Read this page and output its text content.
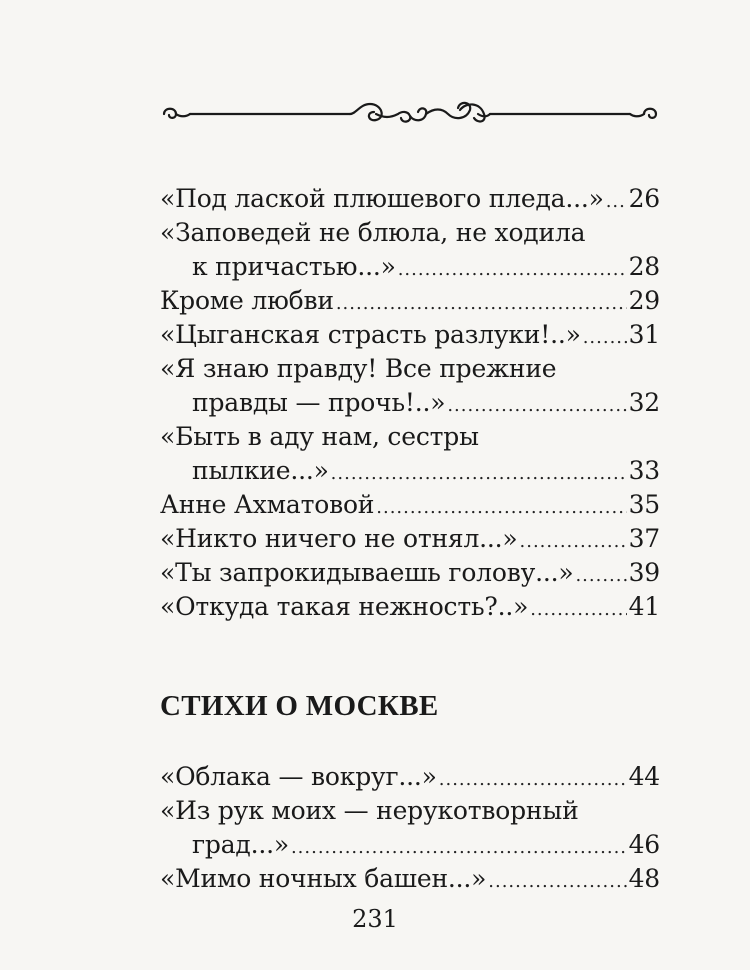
«Под лаской плюшевого пледа...» ..... 26
«Заповедей не блюла, не ходила
к причастью...» .....	28
Кроме любви .....	29
«Цыганская страсть разлуки!..» ..... 31
«Я знаю правду! Все прежние
правды — прочь!..» .....	32
«Быть в аду нам, сестры
пылкие...» .....	33
Анне Ахматовой .....	35
«Никто ничего не отнял...» .....	37
«Ты запрокидываешь голову...» ..... 39
«Откуда такая нежность?..» .....	41
СТИХИ О МОСКВЕ
«Облака — вокруг...» .....	44
«Из рук моих — нерукотворный
град...» .....	46
«Мимо ночных башен...» .....	48
231
